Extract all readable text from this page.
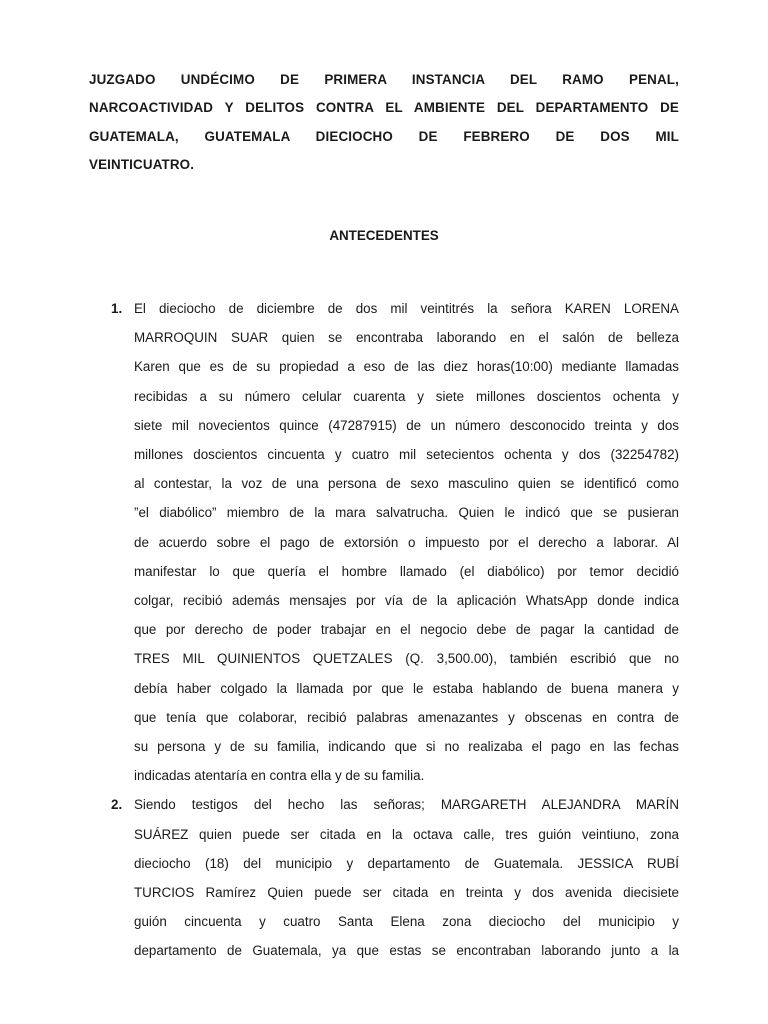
JUZGADO UNDÉCIMO DE PRIMERA INSTANCIA DEL RAMO PENAL,
NARCOACTIVIDAD Y DELITOS CONTRA EL AMBIENTE DEL DEPARTAMENTO DE
GUATEMALA, GUATEMALA DIECIOCHO DE FEBRERO DE DOS MIL
VEINTICUATRO.
ANTECEDENTES
1. El dieciocho de diciembre de dos mil veintitrés la señora KAREN LORENA
MARROQUIN SUAR quien se encontraba laborando en el salón de belleza
Karen que es de su propiedad a eso de las diez horas(10:00) mediante llamadas
recibidas a su número celular cuarenta y siete millones doscientos ochenta y
siete mil novecientos quince (47287915) de un número desconocido treinta y dos
millones doscientos cincuenta y cuatro mil setecientos ochenta y dos (32254782)
al contestar, la voz de una persona de sexo masculino quien se identificó como
”el diabólico” miembro de la mara salvatrucha. Quien le indicó que se pusieran
de acuerdo sobre el pago de extorsión o impuesto por el derecho a laborar. Al
manifestar lo que quería el hombre llamado (el diabólico) por temor decidió
colgar, recibió además mensajes por vía de la aplicación WhatsApp donde indica
que por derecho de poder trabajar en el negocio debe de pagar la cantidad de
TRES MIL QUINIENTOS QUETZALES (Q. 3,500.00), también escribió que no
debía haber colgado la llamada por que le estaba hablando de buena manera y
que tenía que colaborar, recibió palabras amenazantes y obscenas en contra de
su persona y de su familia, indicando que si no realizaba el pago en las fechas
indicadas atentaría en contra ella y de su familia.
2. Siendo testigos del hecho las señoras; MARGARETH ALEJANDRA MARÍN
SUÁREZ quien puede ser citada en la octava calle, tres guión veintiuno, zona
dieciocho (18) del municipio y departamento de Guatemala. JESSICA RUBÍ
TURCIOS Ramírez Quien puede ser citada en treinta y dos avenida diecisiete
guión cincuenta y cuatro Santa Elena zona dieciocho del municipio y
departamento de Guatemala, ya que estas se encontraban laborando junto a la
